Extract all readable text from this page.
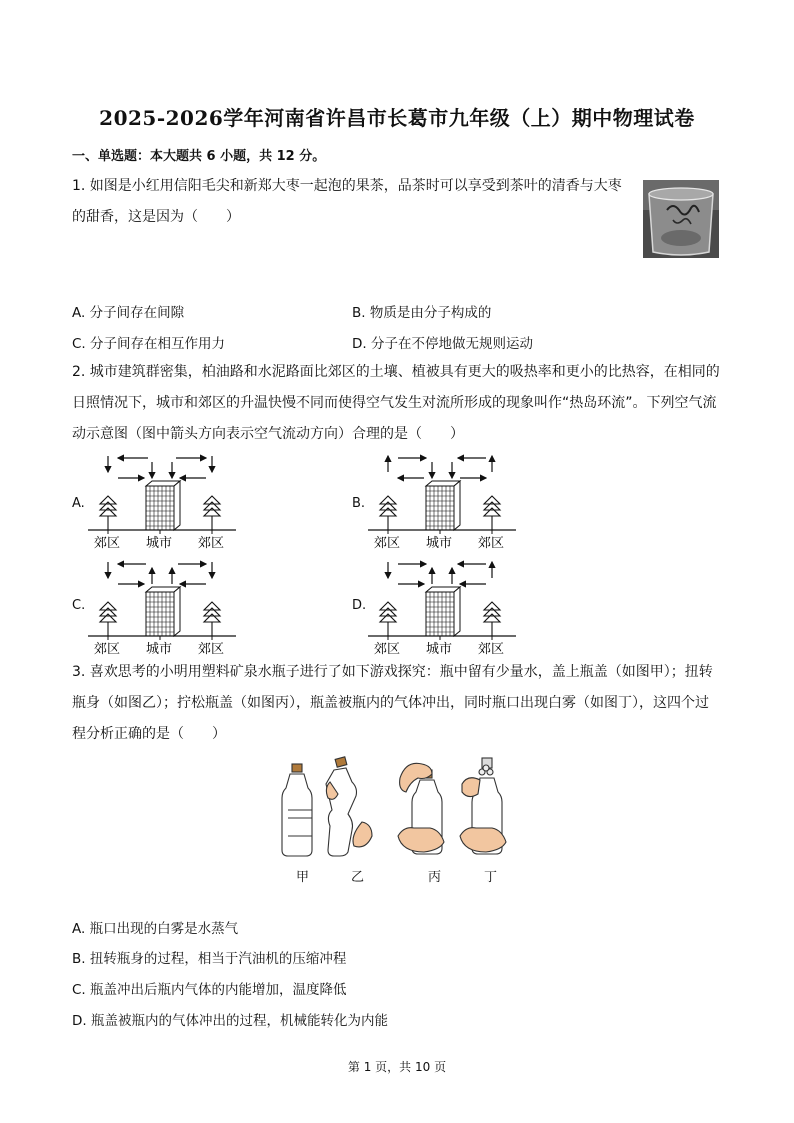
2025-2026学年河南省许昌市长葛市九年级（上）期中物理试卷
一、单选题：本大题共 6 小题，共 12 分。
1. 如图是小红用信阳毛尖和新郑大枣一起泡的果茶，品茶时可以享受到茶叶的清香与大枣的甜香，这是因为（　　）
A. 分子间存在间隙	B. 物质是由分子构成的
C. 分子间存在相互作用力	D. 分子在不停地做无规则运动
2. 城市建筑群密集，柏油路和水泥路面比郊区的土壤、植被具有更大的吸热率和更小的比热容，在相同的日照情况下，城市和郊区的升温快慢不同而使得空气发生对流所形成的现象叫作“热岛环流”。下列空气流动示意图（图中箭头方向表示空气流动方向）合理的是（　　）
A.
郊区 城市 郊区
B.
郊区 城市 郊区
C.
郊区 城市 郊区
D.
郊区 城市 郊区
3. 喜欢思考的小明用塑料矿泉水瓶子进行了如下游戏探究：瓶中留有少量水，盖上瓶盖（如图甲）；扭转瓶身（如图乙）；拧松瓶盖（如图丙），瓶盖被瓶内的气体冲出，同时瓶口出现白雾（如图丁），这四个过程分析正确的是（　　）
甲	乙	丙	丁
A. 瓶口出现的白雾是水蒸气
B. 扭转瓶身的过程，相当于汽油机的压缩冲程
C. 瓶盖冲出后瓶内气体的内能增加，温度降低
D. 瓶盖被瓶内的气体冲出的过程，机械能转化为内能
第 1 页，共 10 页
